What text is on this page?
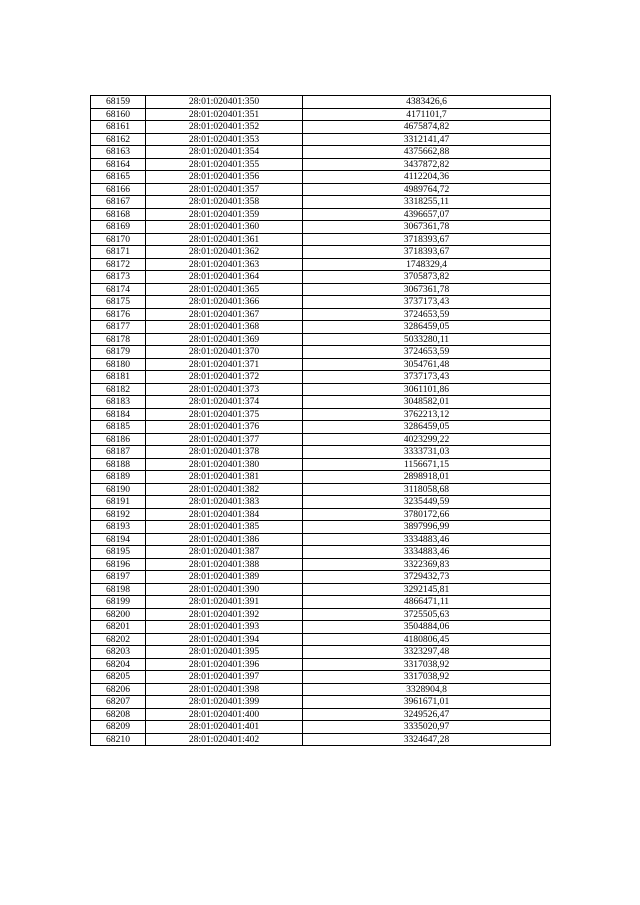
68159	28:01:020401:350	4383426,6
68160	28:01:020401:351	4171101,7
68161	28:01:020401:352	4675874,82
68162	28:01:020401:353	3312141,47
68163	28:01:020401:354	4375662,88
68164	28:01:020401:355	3437872,82
68165	28:01:020401:356	4112204,36
68166	28:01:020401:357	4989764,72
68167	28:01:020401:358	3318255,11
68168	28:01:020401:359	4396657,07
68169	28:01:020401:360	3067361,78
68170	28:01:020401:361	3718393,67
68171	28:01:020401:362	3718393,67
68172	28:01:020401:363	1748329,4
68173	28:01:020401:364	3705873,82
68174	28:01:020401:365	3067361,78
68175	28:01:020401:366	3737173,43
68176	28:01:020401:367	3724653,59
68177	28:01:020401:368	3286459,05
68178	28:01:020401:369	5033280,11
68179	28:01:020401:370	3724653,59
68180	28:01:020401:371	3054761,48
68181	28:01:020401:372	3737173,43
68182	28:01:020401:373	3061101,86
68183	28:01:020401:374	3048582,01
68184	28:01:020401:375	3762213,12
68185	28:01:020401:376	3286459,05
68186	28:01:020401:377	4023299,22
68187	28:01:020401:378	3333731,03
68188	28:01:020401:380	1156671,15
68189	28:01:020401:381	2898918,01
68190	28:01:020401:382	3118058,68
68191	28:01:020401:383	3235449,59
68192	28:01:020401:384	3780172,66
68193	28:01:020401:385	3897996,99
68194	28:01:020401:386	3334883,46
68195	28:01:020401:387	3334883,46
68196	28:01:020401:388	3322369,83
68197	28:01:020401:389	3729432,73
68198	28:01:020401:390	3292145,81
68199	28:01:020401:391	4866471,11
68200	28:01:020401:392	3725505,63
68201	28:01:020401:393	3504884,06
68202	28:01:020401:394	4180806,45
68203	28:01:020401:395	3323297,48
68204	28:01:020401:396	3317038,92
68205	28:01:020401:397	3317038,92
68206	28:01:020401:398	3328904,8
68207	28:01:020401:399	3961671,01
68208	28:01:020401:400	3249526,47
68209	28:01:020401:401	3335020,97
68210	28:01:020401:402	3324647,28
